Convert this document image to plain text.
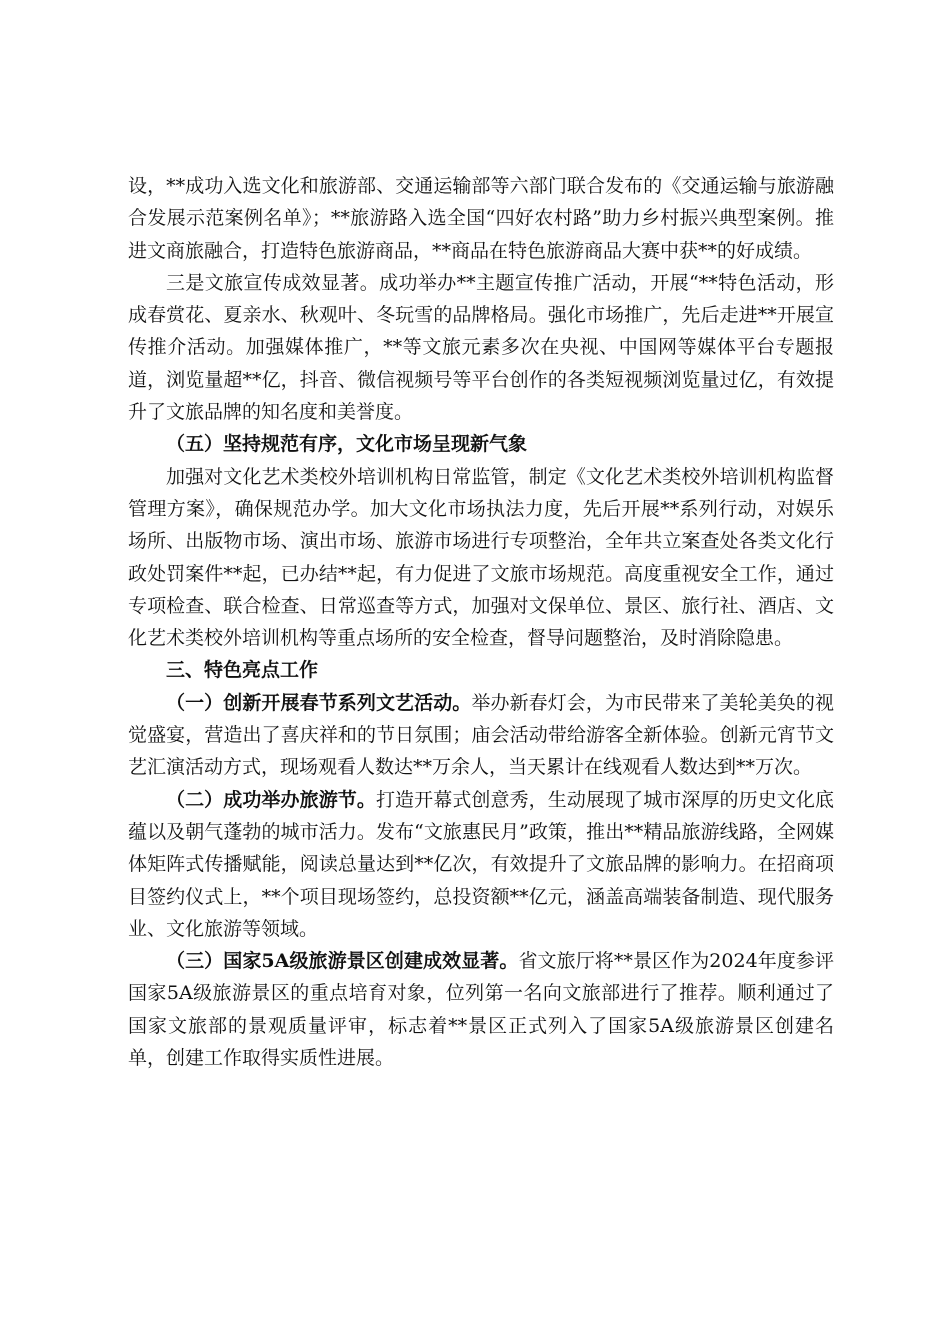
设，**成功入选文化和旅游部、交通运输部等六部门联合发布的《交通运输与旅游融合发展示范案例名单》；**旅游路入选全国“四好农村路”助力乡村振兴典型案例。推进文商旅融合，打造特色旅游商品，**商品在特色旅游商品大赛中获**的好成绩。

三是文旅宣传成效显著。成功举办**主题宣传推广活动，开展“**特色活动，形成春赏花、夏亲水、秋观叶、冬玩雪的品牌格局。强化市场推广，先后走进**开展宣传推介活动。加强媒体推广，**等文旅元素多次在央视、中国网等媒体平台专题报道，浏览量超**亿，抖音、微信视频号等平台创作的各类短视频浏览量过亿，有效提升了文旅品牌的知名度和美誉度。

（五）坚持规范有序，文化市场呈现新气象

加强对文化艺术类校外培训机构日常监管，制定《文化艺术类校外培训机构监督管理方案》，确保规范办学。加大文化市场执法力度，先后开展**系列行动，对娱乐场所、出版物市场、演出市场、旅游市场进行专项整治，全年共立案查处各类文化行政处罚案件**起，已办结**起，有力促进了文旅市场规范。高度重视安全工作，通过专项检查、联合检查、日常巡查等方式，加强对文保单位、景区、旅行社、酒店、文化艺术类校外培训机构等重点场所的安全检查，督导问题整治，及时消除隐患。

三、特色亮点工作

（一）创新开展春节系列文艺活动。举办新春灯会，为市民带来了美轮美奂的视觉盛宴，营造出了喜庆祥和的节日氛围；庙会活动带给游客全新体验。创新元宵节文艺汇演活动方式，现场观看人数达**万余人，当天累计在线观看人数达到**万次。

（二）成功举办旅游节。打造开幕式创意秀，生动展现了城市深厚的历史文化底蕴以及朝气蓬勃的城市活力。发布“文旅惠民月”政策，推出**精品旅游线路，全网媒体矩阵式传播赋能，阅读总量达到**亿次，有效提升了文旅品牌的影响力。在招商项目签约仪式上，**个项目现场签约，总投资额**亿元，涵盖高端装备制造、现代服务业、文化旅游等领域。

（三）国家5A级旅游景区创建成效显著。省文旅厅将**景区作为2024年度参评国家5A级旅游景区的重点培育对象，位列第一名向文旅部进行了推荐。顺利通过了国家文旅部的景观质量评审，标志着**景区正式列入了国家5A级旅游景区创建名单，创建工作取得实质性进展。
